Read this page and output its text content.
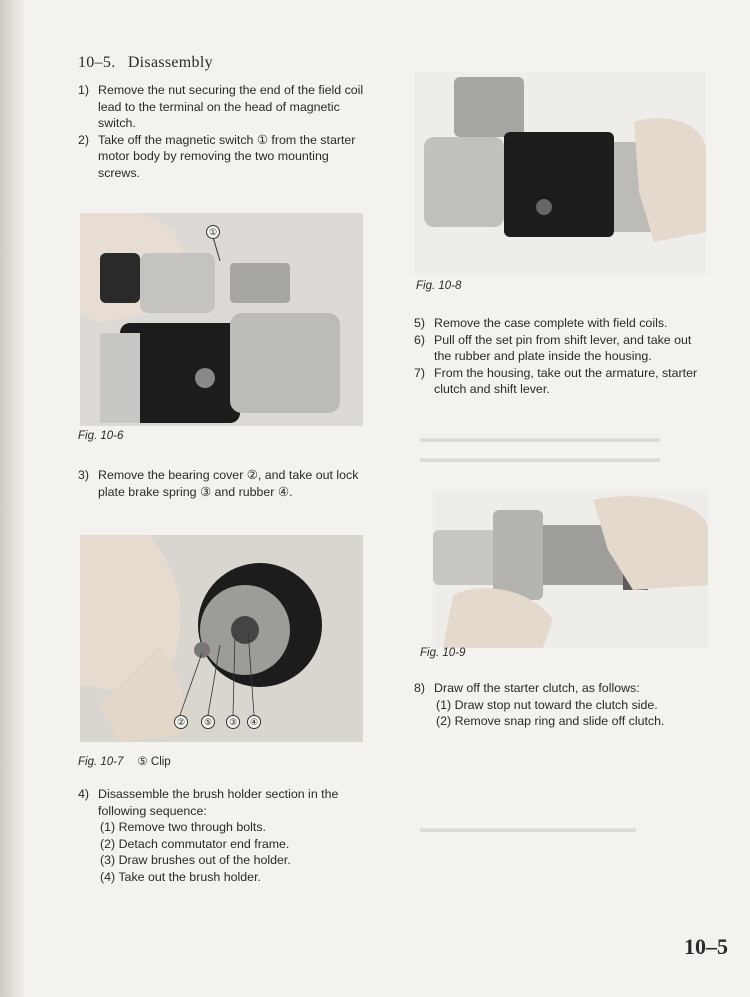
▬▬▬▬▬▬▬▬▬▬▬▬▬▬▬▬▬▬▬▬
▬▬▬▬▬▬▬▬▬▬▬▬▬▬▬▬▬▬▬▬
▬▬▬▬▬▬▬▬▬▬▬▬▬▬▬▬▬▬
10–5. Disassembly
1) Remove the nut securing the end of the field coil lead to the terminal on the head of magnetic switch.
2) Take off the magnetic switch ① from the starter motor body by removing the two mounting screws.
①
Fig. 10-6
3) Remove the bearing cover ②, and take out lock plate brake spring ③ and rubber ④.
②	⑤	③	④
Fig. 10-7 ⑤ Clip
4) Disassemble the brush holder section in the following sequence:
(1) Remove two through bolts.
(2) Detach commutator end frame.
(3) Draw brushes out of the holder.
(4) Take out the brush holder.
Fig. 10-8
5) Remove the case complete with field coils.
6) Pull off the set pin from shift lever, and take out the rubber and plate inside the housing.
7) From the housing, take out the armature, starter clutch and shift lever.
Fig. 10-9
8) Draw off the starter clutch, as follows:
(1) Draw stop nut toward the clutch side.
(2) Remove snap ring and slide off clutch.
10–5
